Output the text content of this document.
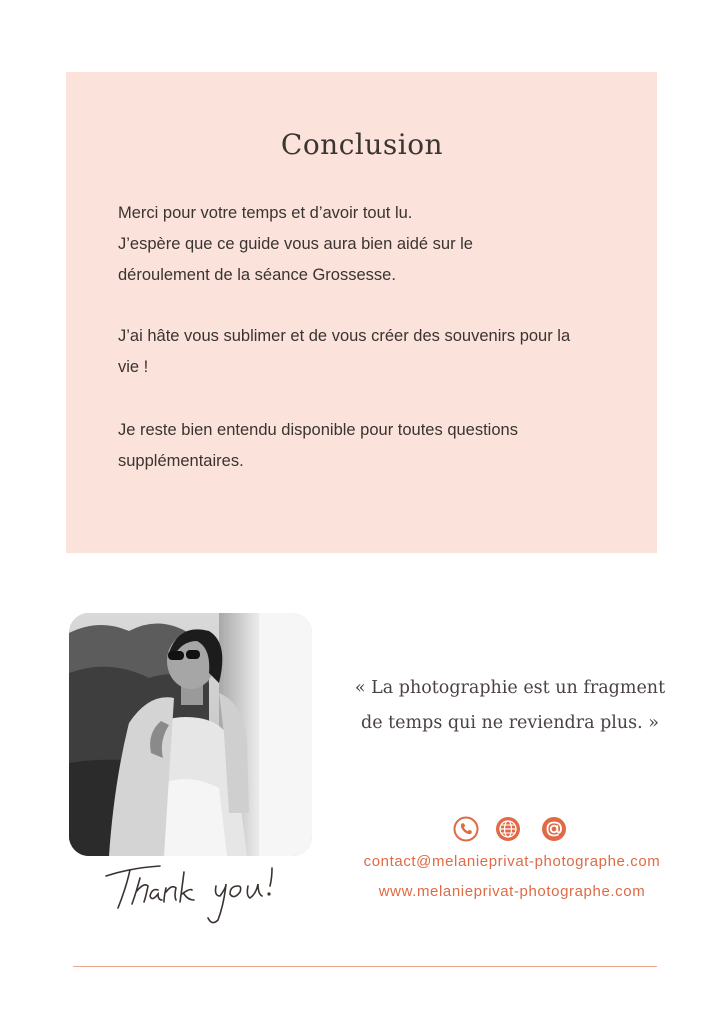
Conclusion
Merci pour votre temps et d’avoir tout lu.
J’espère que ce guide vous aura bien aidé sur le
déroulement de la séance Grossesse.
J’ai hâte vous sublimer et de vous créer des souvenirs pour la
vie !
Je reste bien entendu disponible pour toutes questions
supplémentaires.

« La photographie est un fragment

de temps qui ne reviendra plus. »

contact@melanieprivat-photographe.com

www.melanieprivat-photographe.com
